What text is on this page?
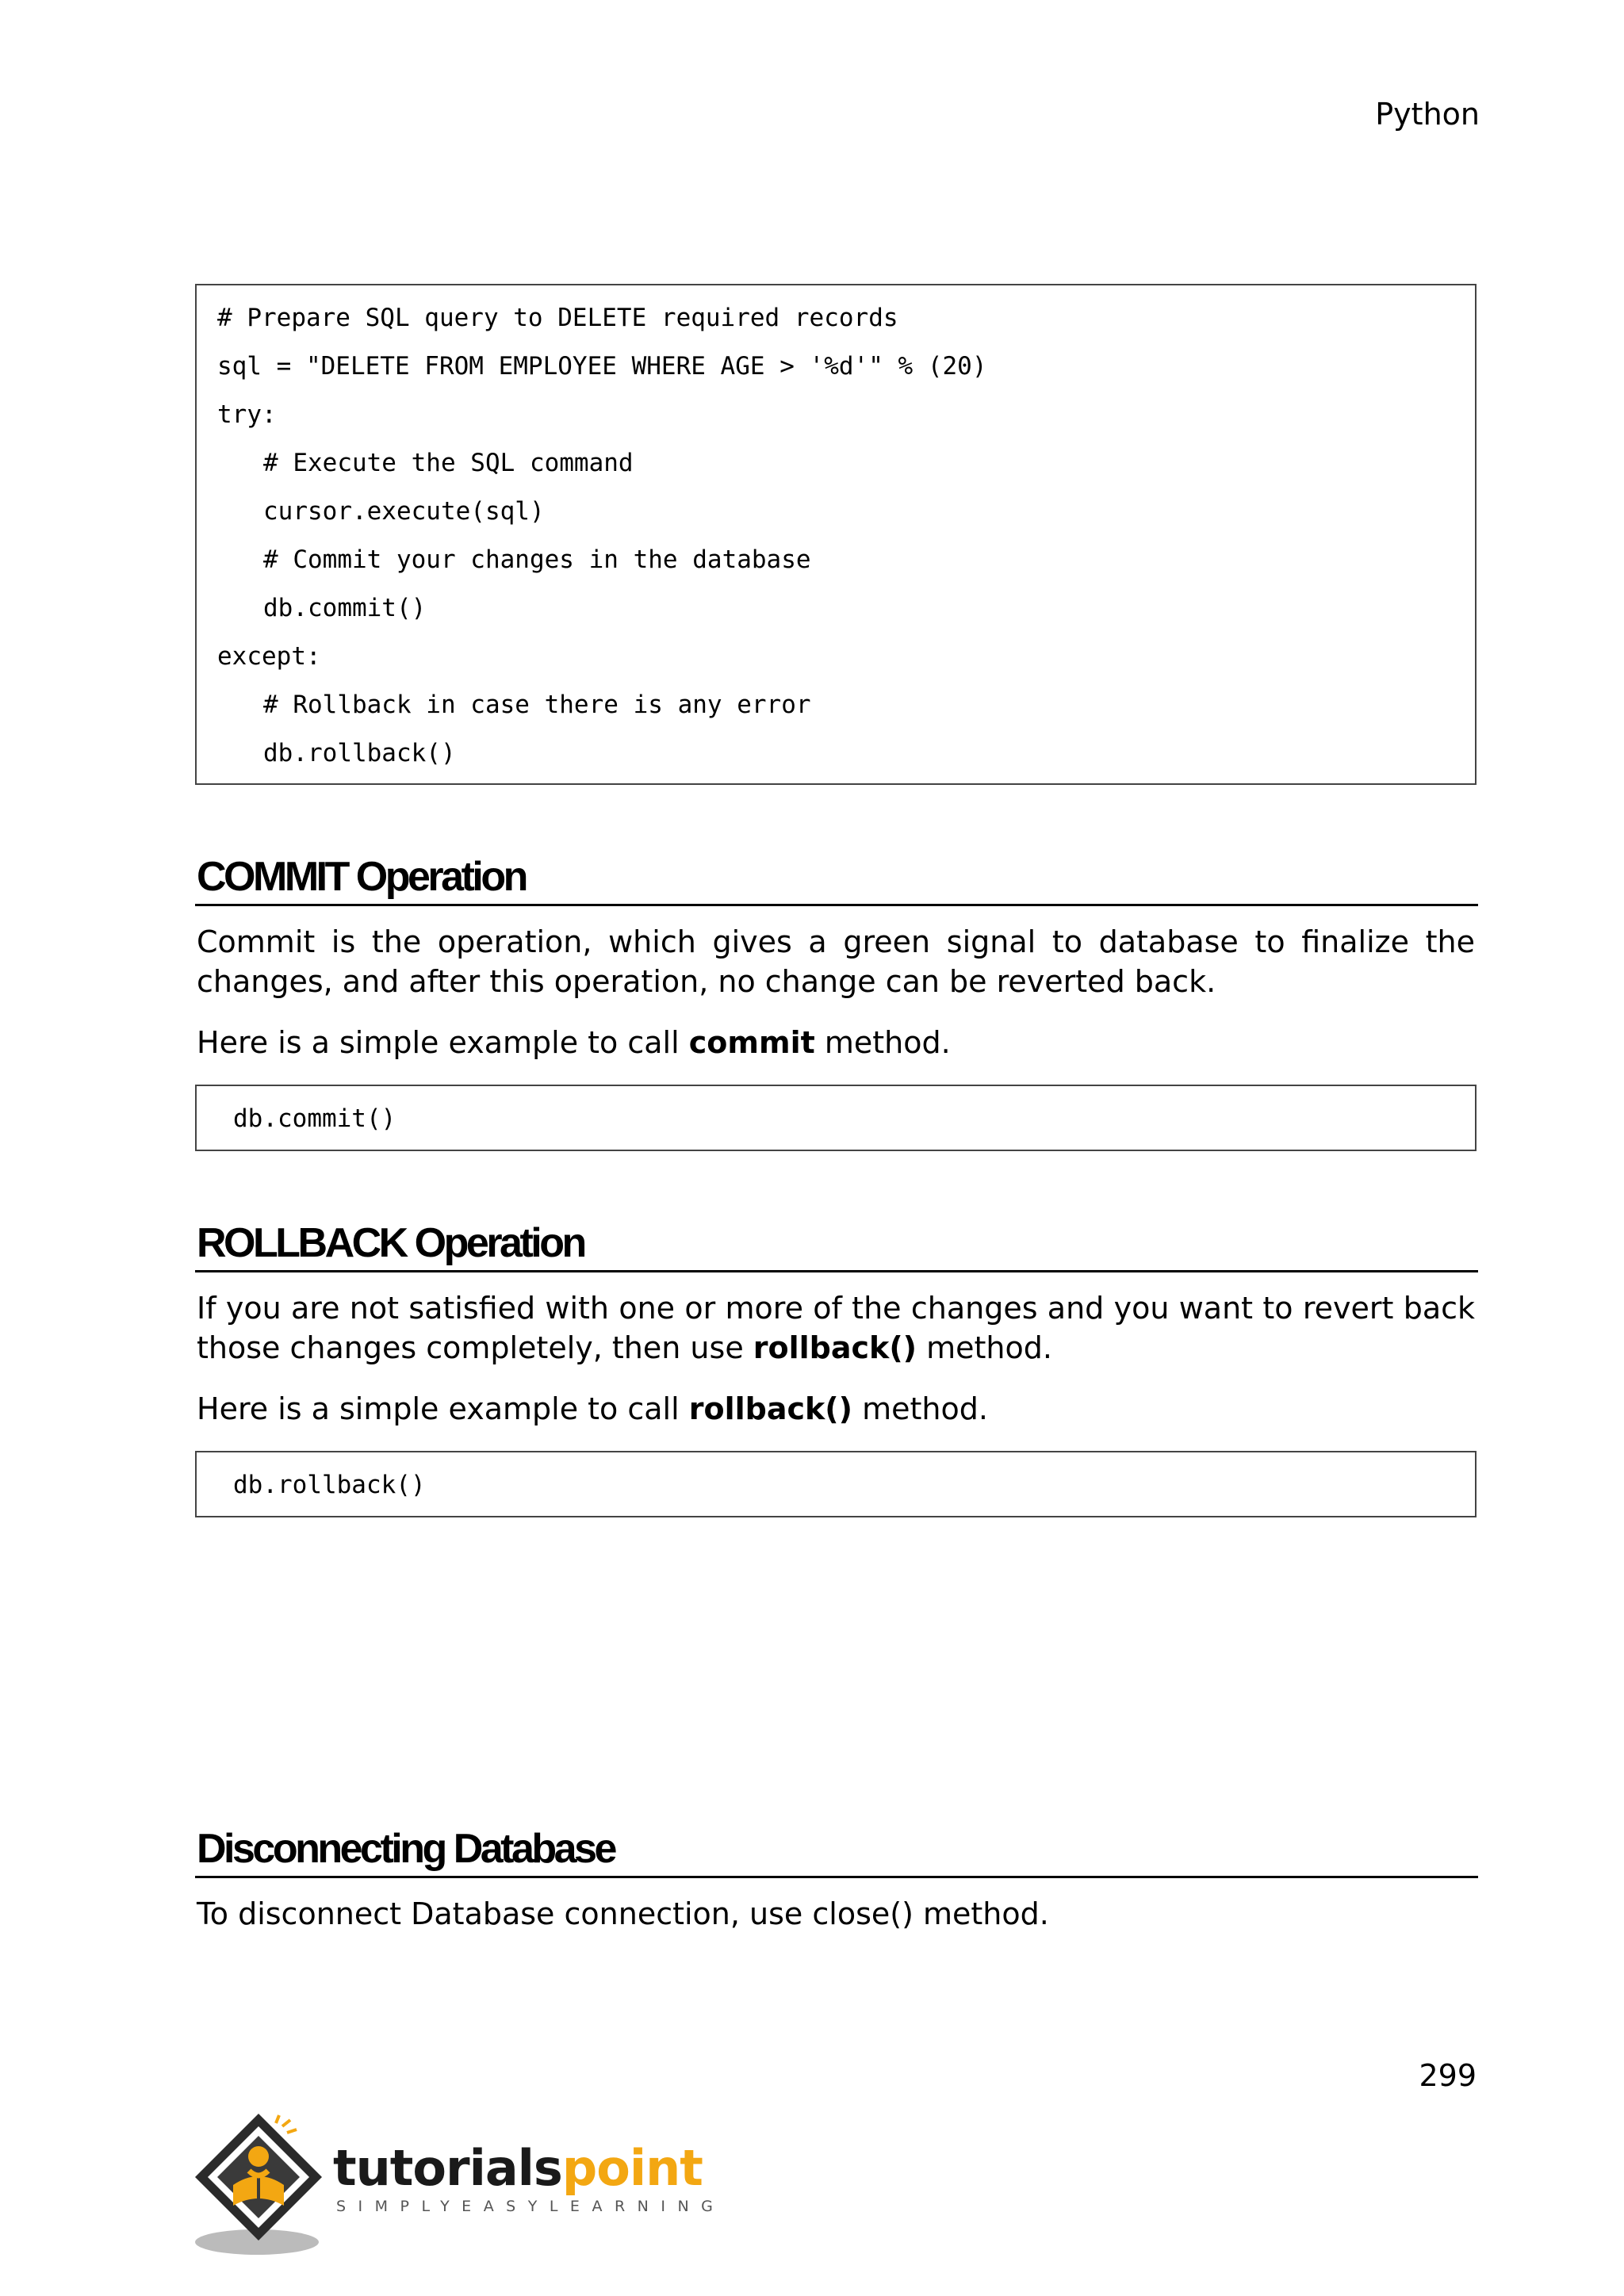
Python
# Prepare SQL query to DELETE required records
sql = "DELETE FROM EMPLOYEE WHERE AGE > '%d'" % (20)
try:
# Execute the SQL command
cursor.execute(sql)
# Commit your changes in the database
db.commit()
except:
# Rollback in case there is any error
db.rollback()
COMMIT Operation
Commit is the operation, which gives a green signal to database to finalize the changes, and after this operation, no change can be reverted back.
Here is a simple example to call commit method.
db.commit()
ROLLBACK Operation
If you are not satisfied with one or more of the changes and you want to revert back those changes completely, then use rollback() method.
Here is a simple example to call rollback() method.
db.rollback()
Disconnecting Database
To disconnect Database connection, use close() method.
299
tutorialspoint
SIMPLYEASYLEARNING
